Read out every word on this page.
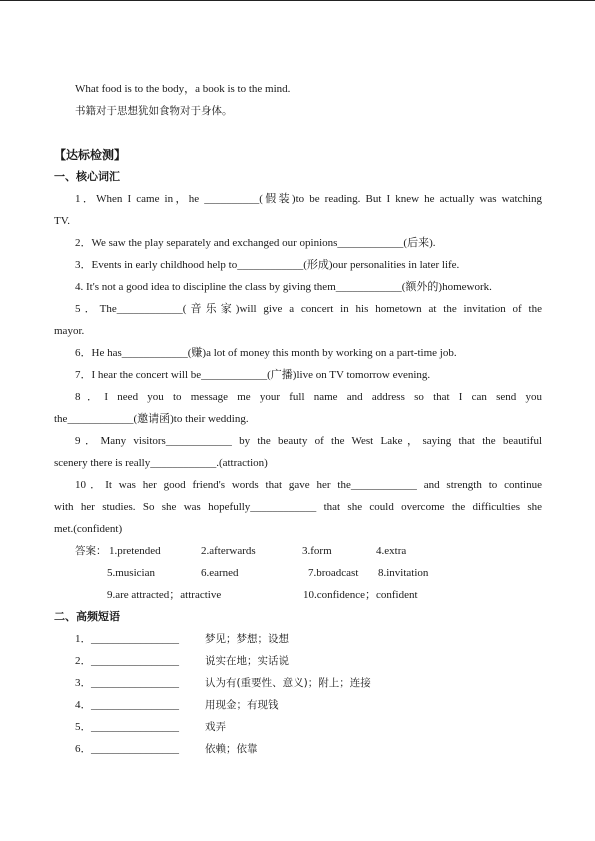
What food is to the body，a book is to the mind.

书籍对于思想犹如食物对于身体。

【达标检测】

一、核心词汇

1．When I came in，he __________(假装)to be reading. But I knew he actually was watching

TV.

2．We saw the play separately and exchanged our opinions____________(后来).

3．Events in early childhood help to____________(形成)our personalities in later life.

4. It's not a good idea to discipline the class by giving them____________(额外的)homework.

5．The____________(音乐家)will give a concert in his hometown at the invitation of the

mayor.

6．He has____________(赚)a lot of money this month by working on a part-time job.

7．I hear the concert will be____________(广播)live on TV tomorrow evening.

8．I need you to message me your full name and address so that I can send you

the____________(邀请函)to their wedding.

9．Many visitors____________ by the beauty of the West Lake，saying that the beautiful

scenery there is really____________.(attraction)

10．It was her good friend's words that gave her the____________ and strength to continue

with her studies. So she was hopefully____________ that she could overcome the difficulties she

met.(confident)

答案： 1.pretended	2.afterwards	3.form	4.extra
5.musician	6.earned	7.broadcast	8.invitation
9.are attracted；attractive	10.confidence；confident

二、高频短语

1． ________________	梦见；梦想；设想
2． ________________	说实在地；实话说
3． ________________	认为有(重要性、意义)；附上；连接
4． ________________	用现金；有现钱
5． ________________	戏弄
6． ________________	依赖；依靠
